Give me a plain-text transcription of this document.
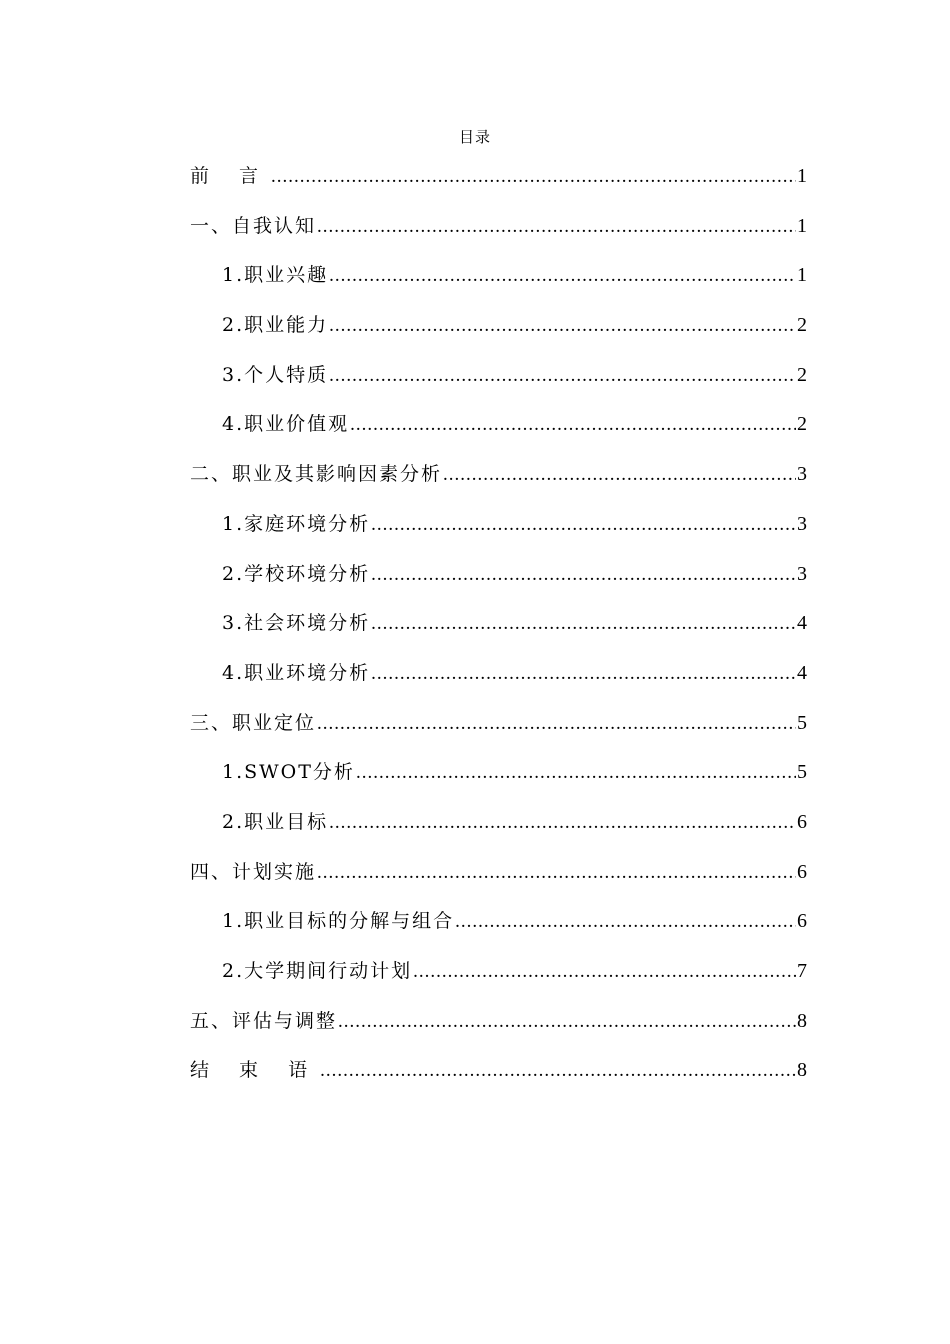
目录
前 言 .....	1
一、自我认知 .....	1
1.职业兴趣 .....	1
2.职业能力 .....	2
3.个人特质 .....	2
4.职业价值观 .....	2
二、职业及其影响因素分析 .....	3
1.家庭环境分析 .....	3
2.学校环境分析 .....	3
3.社会环境分析 .....	4
4.职业环境分析 .....	4
三、职业定位 .....	5
1.SWOT分析 .....	5
2.职业目标 .....	6
四、计划实施 .....	6
1.职业目标的分解与组合 .....	6
2.大学期间行动计划 .....	7
五、评估与调整 .....	8
结 束 语 .....	8
